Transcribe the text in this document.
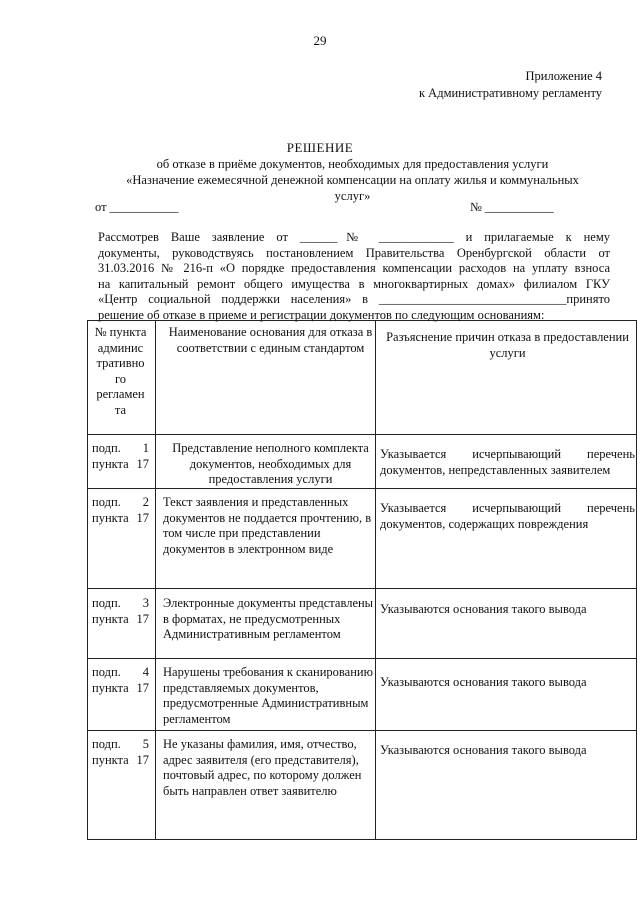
29
Приложение 4
к Административному регламенту
РЕШЕНИЕ
об отказе в приёме документов, необходимых для предоставления услуги
«Назначение ежемесячной денежной компенсации на оплату жилья и коммунальных
услуг»
от ___________	№ ___________
Рассмотрев Ваше заявление от ______№ ____________ и прилагаемые к нему
документы, руководствуясь постановлением Правительства Оренбургской области от
31.03.2016 № 216-п «О порядке предоставления компенсации расходов на уплату взноса
на капитальный ремонт общего имущества в многоквартирных домах» филиалом ГКУ
«Центр социальной поддержки населения» в ______________________________принято
решение об отказе в приеме и регистрации документов по следующим основаниям:
№ пункта админис тративно го регламен та
Наименование основания для отказа в соответствии с единым стандартом
Разъяснение причин отказа в предоставлении услуги
подп. 1 пункта 17
Представление неполного комплекта документов, необходимых для предоставления услуги
Указывается исчерпывающий перечень документов, непредставленных заявителем
подп. 2 пункта 17
Текст заявления и представленных документов не поддается прочтению, в том числе при представлении документов в электронном виде
Указывается исчерпывающий перечень документов, содержащих повреждения
подп. 3 пункта 17
Электронные документы представлены в форматах, не предусмотренных Административным регламентом
Указываются основания такого вывода
подп. 4 пункта 17
Нарушены требования к сканированию представляемых документов, предусмотренные Административным регламентом
Указываются основания такого вывода
подп. 5 пункта 17
Не указаны фамилия, имя, отчество, адрес заявителя (его представителя), почтовый адрес, по которому должен быть направлен ответ заявителю
Указываются основания такого вывода
